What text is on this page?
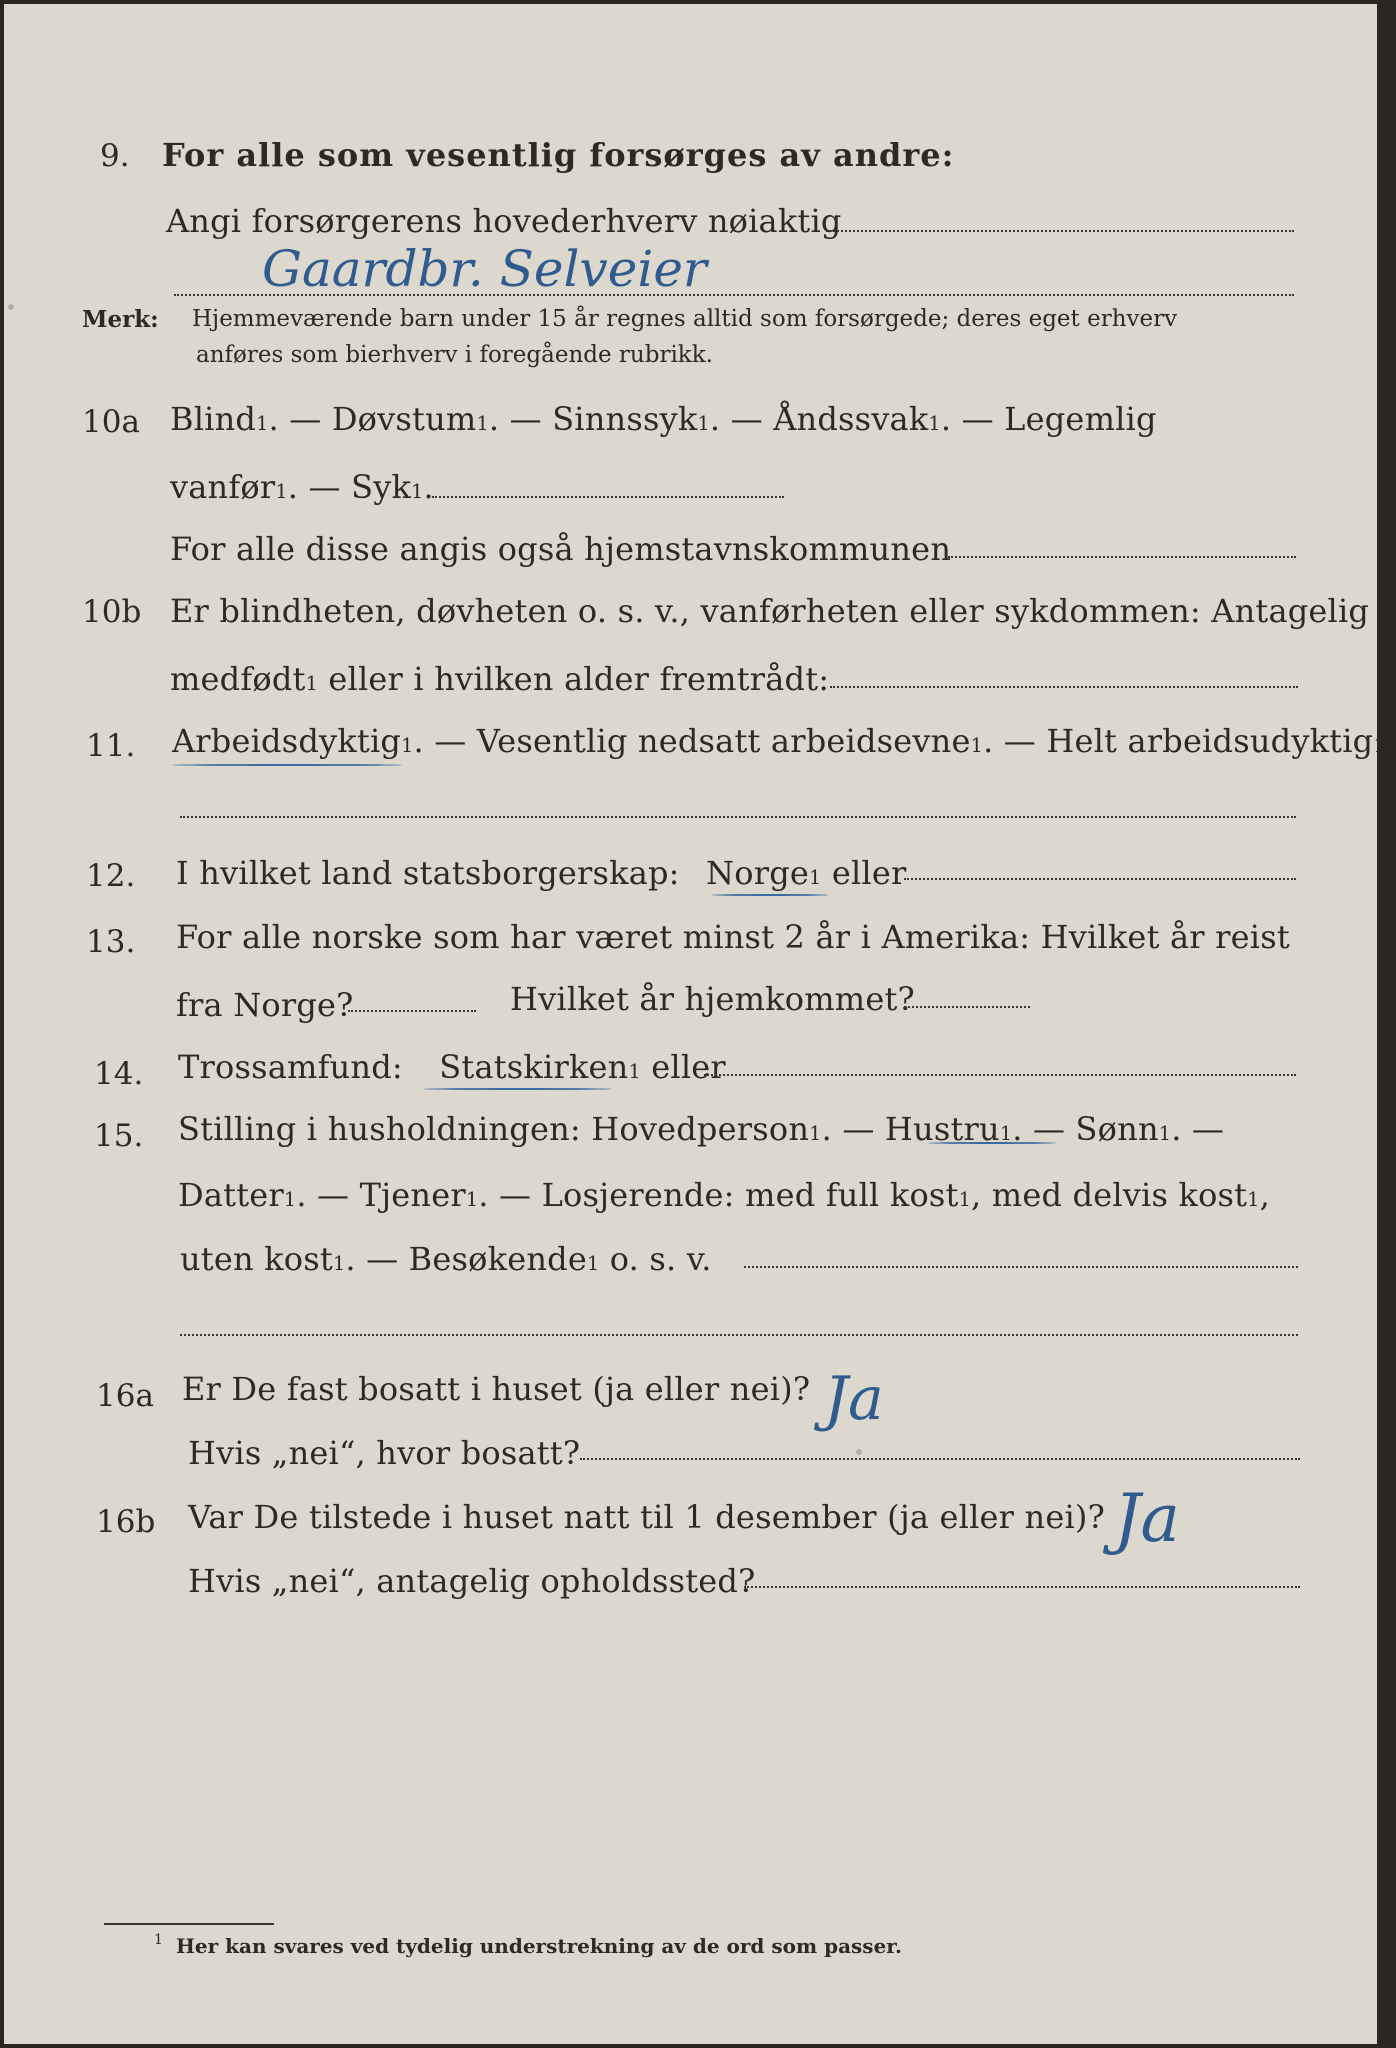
9. For alle som vesentlig forsørges av andre:
Angi forsørgerens hovederhverv nøiaktig
Gaardbr. Selveier
Merk: Hjemmeværende barn under 15 år regnes alltid som forsørgede; deres eget erhverv
anføres som bierhverv i foregående rubrikk.
10a Blind$^1$. — Døvstum$^1$. — Sinnssyk$^1$. — Åndssvak$^1$. — Legemlig
vanfør$^1$. — Syk$^1$.
For alle disse angis også hjemstavnskommunen
10b Er blindheten, døvheten o. s. v., vanførheten eller sykdommen: Antagelig
medfødt$^1$ eller i hvilken alder fremtrådt:
11. Arbeidsdyktig$^1$. — Vesentlig nedsatt arbeidsevne$^1$. — Helt arbeidsudyktig$^1$.
12. I hvilket land statsborgerskap: Norge$^1$ eller
13. For alle norske som har været minst 2 år i Amerika: Hvilket år reist
fra Norge?	Hvilket år hjemkommet?
14. Trossamfund: Statskirken$^1$ eller
15. Stilling i husholdningen: Hovedperson$^1$. — Hustru$^1$. — Sønn$^1$. —
Datter$^1$. — Tjener$^1$. — Losjerende: med full kost$^1$, med delvis kost$^1$,
uten kost$^1$. — Besøkende$^1$ o. s. v.
16a Er De fast bosatt i huset (ja eller nei)? Ja
Hvis „nei“, hvor bosatt?
16b Var De tilstede i huset natt til 1 desember (ja eller nei)? Ja
Hvis „nei“, antagelig opholdssted?
1 Her kan svares ved tydelig understrekning av de ord som passer.
